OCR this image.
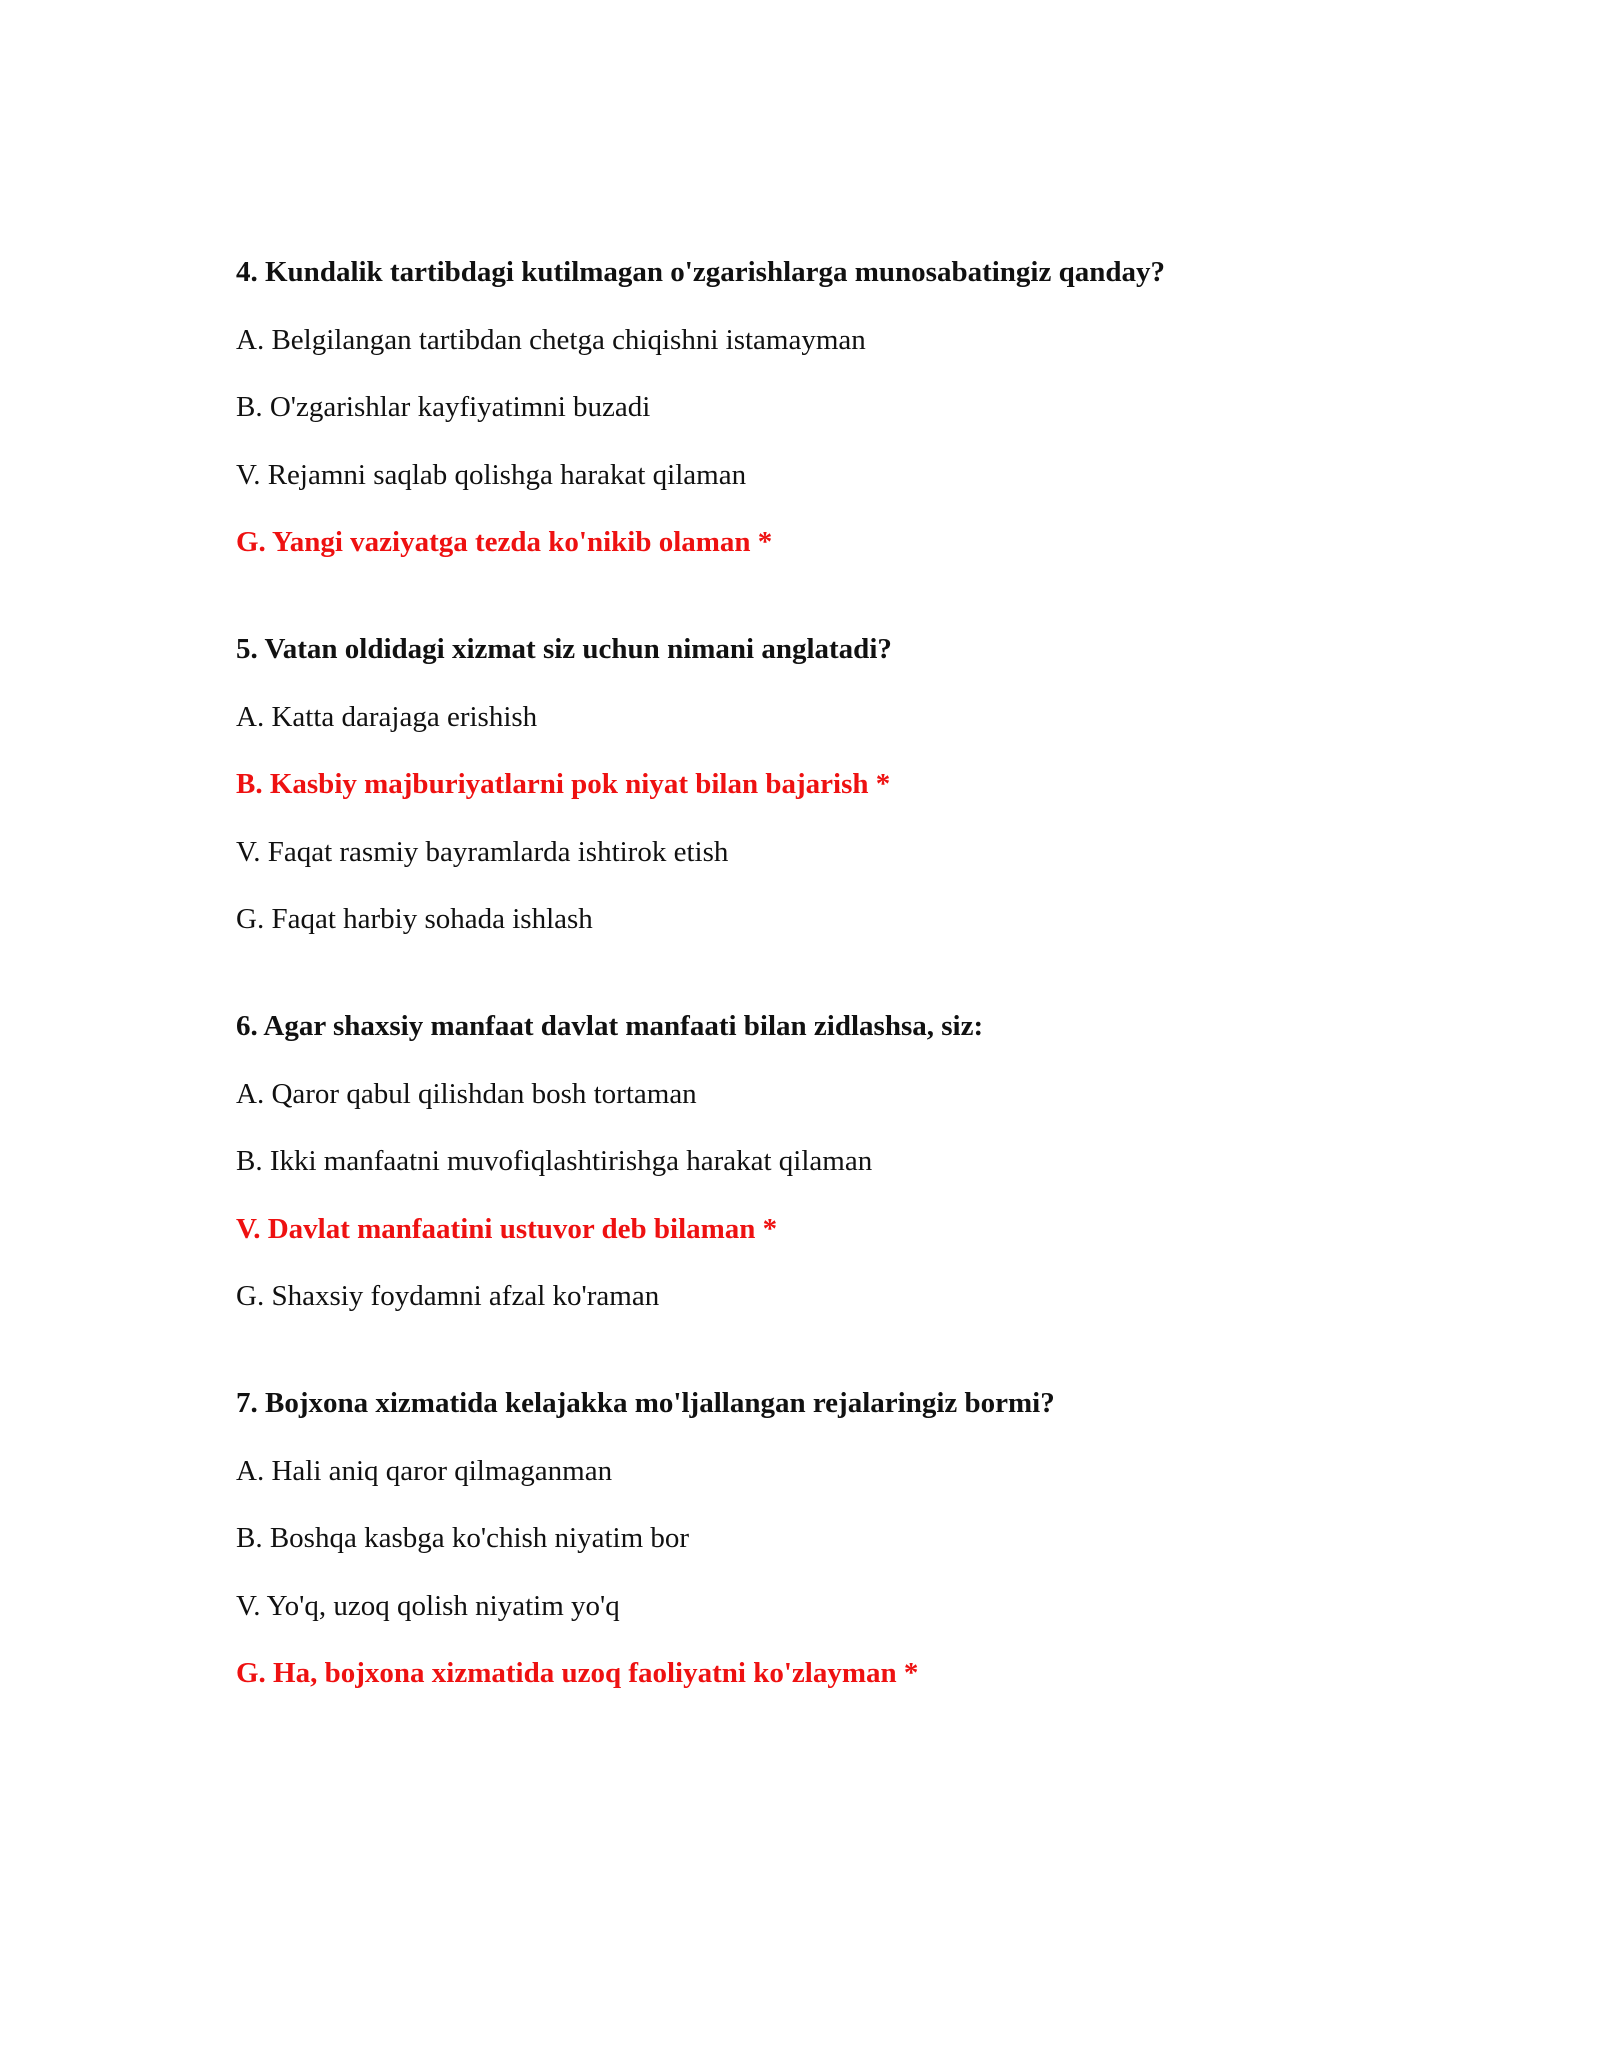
4. Kundalik tartibdagi kutilmagan o'zgarishlarga munosabatingiz qanday?
A. Belgilangan tartibdan chetga chiqishni istamayman
B. O'zgarishlar kayfiyatimni buzadi
V. Rejamni saqlab qolishga harakat qilaman
G. Yangi vaziyatga tezda ko'nikib olaman *
5. Vatan oldidagi xizmat siz uchun nimani anglatadi?
A. Katta darajaga erishish
B. Kasbiy majburiyatlarni pok niyat bilan bajarish *
V. Faqat rasmiy bayramlarda ishtirok etish
G. Faqat harbiy sohada ishlash
6. Agar shaxsiy manfaat davlat manfaati bilan zidlashsa, siz:
A. Qaror qabul qilishdan bosh tortaman
B. Ikki manfaatni muvofiqlashtirishga harakat qilaman
V. Davlat manfaatini ustuvor deb bilaman *
G. Shaxsiy foydamni afzal ko'raman
7. Bojxona xizmatida kelajakka mo'ljallangan rejalaringiz bormi?
A. Hali aniq qaror qilmaganman
B. Boshqa kasbga ko'chish niyatim bor
V. Yo'q, uzoq qolish niyatim yo'q
G. Ha, bojxona xizmatida uzoq faoliyatni ko'zlayman *
